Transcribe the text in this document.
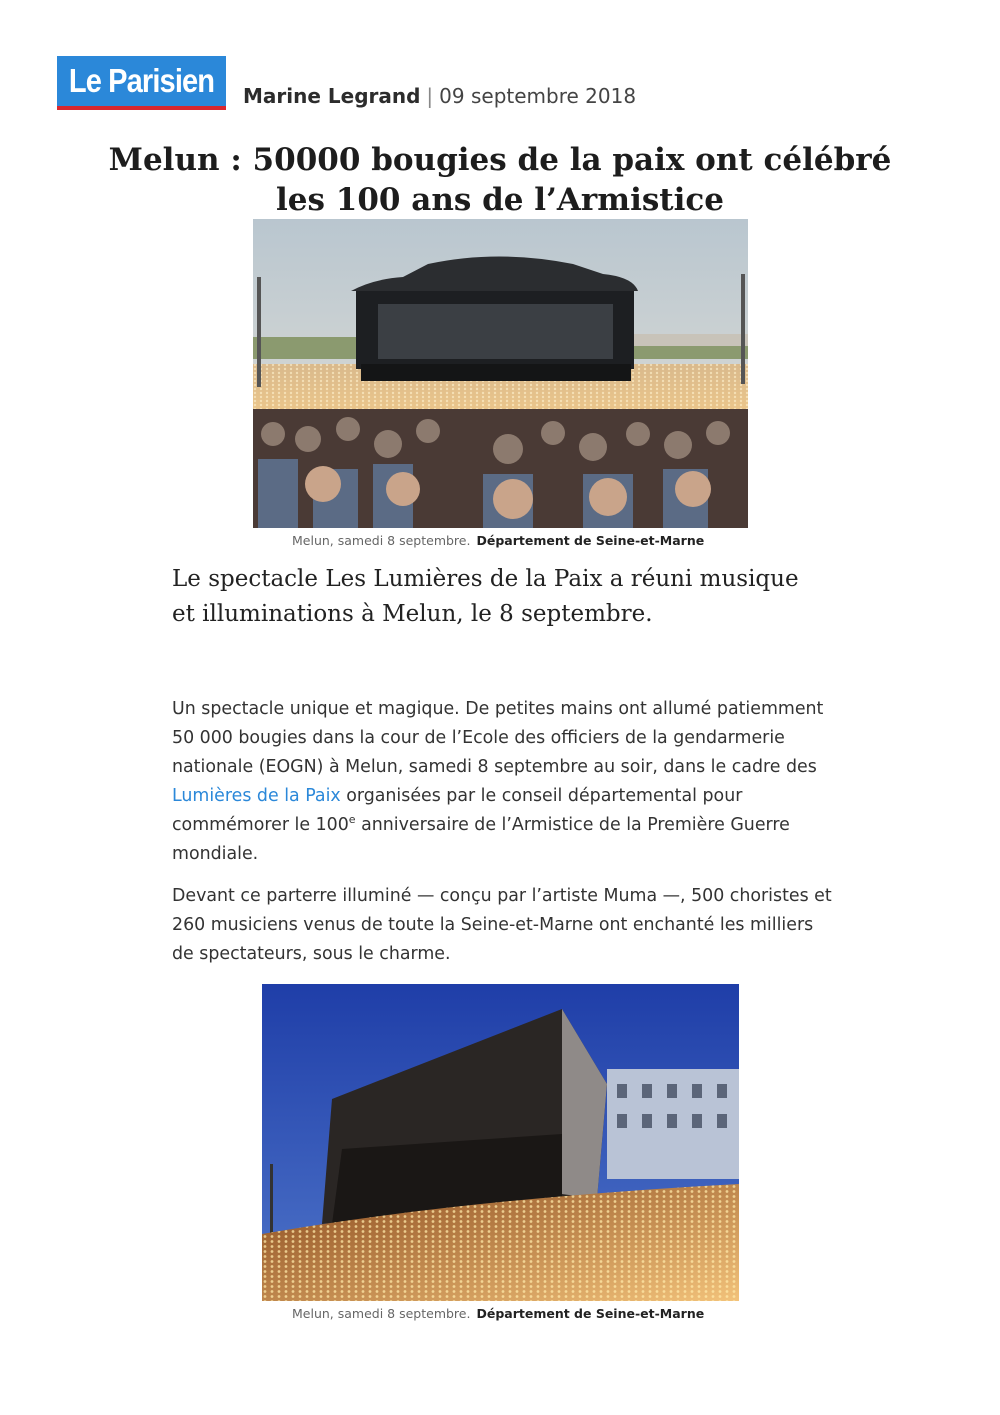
Le Parisien Marine Legrand | 09 septembre 2018
Melun : 50000 bougies de la paix ont célébré les 100 ans de l’Armistice
Melun, samedi 8 septembre. Département de Seine-et-Marne

Le spectacle Les Lumières de la Paix a réuni musique et illuminations à Melun, le 8 septembre.

Un spectacle unique et magique. De petites mains ont allumé patiemment 50 000 bougies dans la cour de l’Ecole des officiers de la gendarmerie nationale (EOGN) à Melun, samedi 8 septembre au soir, dans le cadre des Lumières de la Paix organisées par le conseil départemental pour commémorer le 100e anniversaire de l’Armistice de la Première Guerre mondiale.

Devant ce parterre illuminé — conçu par l’artiste Muma —, 500 choristes et 260 musiciens venus de toute la Seine-et-Marne ont enchanté les milliers de spectateurs, sous le charme.

Melun, samedi 8 septembre. Département de Seine-et-Marne
